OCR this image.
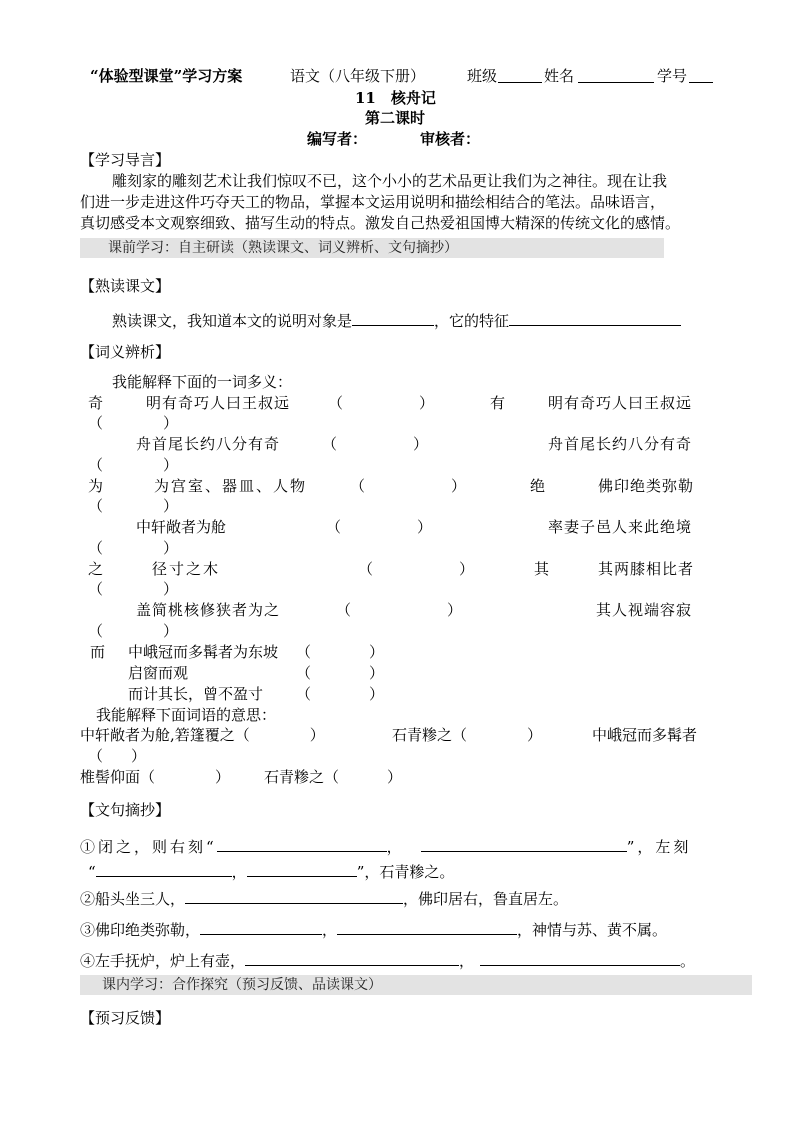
“体验型课堂”学习方案	语文（八年级下册）	班级	姓名	学号
11　核舟记
第二课时
编写者：	审核者：
【学习导言】
雕刻家的雕刻艺术让我们惊叹不已，这个小小的艺术品更让我们为之神往。现在让我
们进一步走进这件巧夺天工的物品，掌握本文运用说明和描绘相结合的笔法。品味语言，
真切感受本文观察细致、描写生动的特点。激发自己热爱祖国博大精深的传统文化的感情。
课前学习：自主研读（熟读课文、词义辨析、文句摘抄）
【熟读课文】
熟读课文，我知道本文的说明对象是	，它的特征
【词义辨析】
我能解释下面的一词多义：
奇	明有奇巧人曰王叔远	（	）	有	明有奇巧人曰王叔远
（	）
舟首尾长约八分有奇	（	）	舟首尾长约八分有奇
（	）
为	为宫室、器皿、人物	（	）	绝	佛印绝类弥勒
（	）
中轩敞者为舱	（	）	率妻子邑人来此绝境
（	）
之	径寸之木	（	）	其	其两膝相比者
（	）
盖简桃核修狭者为之	（	）	其人视端容寂
（	）
而 中峨冠而多髯者为东坡 （	）
启窗而观	（	）
而计其长，曾不盈寸 （	）
我能解释下面词语的意思：
中轩敞者为舱,箬篷覆之（	）	石青糁之（	）	中峨冠而多髯者
（ ）
椎髻仰面（	） 石青糁之（	）
【文句摘抄】
①闭之，则右刻“	，	”，左刻
“	，	”，石青糁之。
②船头坐三人，	，佛印居右，鲁直居左。
③佛印绝类弥勒，	，	，神情与苏、黄不属。
④左手抚炉，炉上有壶，	，	。
课内学习：合作探究（预习反馈、品读课文）
【预习反馈】
